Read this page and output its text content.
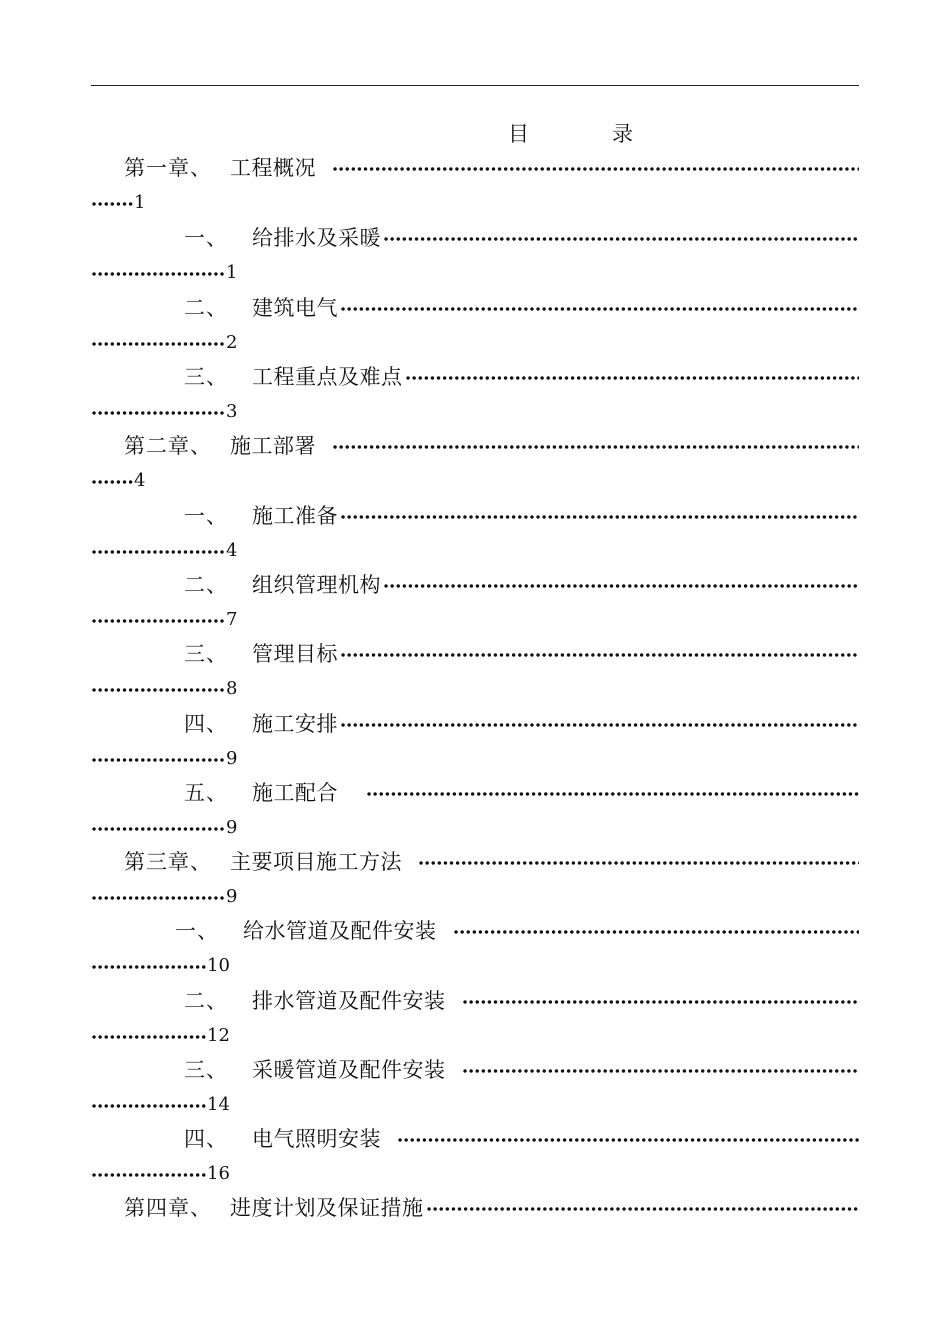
目	录
第一章、 工程概况
1
一、 给排水及采暖
1
二、 建筑电气
2
三、 工程重点及难点
3
第二章、 施工部署
4
一、 施工准备
4
二、 组织管理机构
7
三、 管理目标
8
四、 施工安排
9
五、 施工配合
9
第三章、 主要项目施工方法
9
一、 给水管道及配件安装
10
二、 排水管道及配件安装
12
三、 采暖管道及配件安装
14
四、 电气照明安装
16
第四章、 进度计划及保证措施
